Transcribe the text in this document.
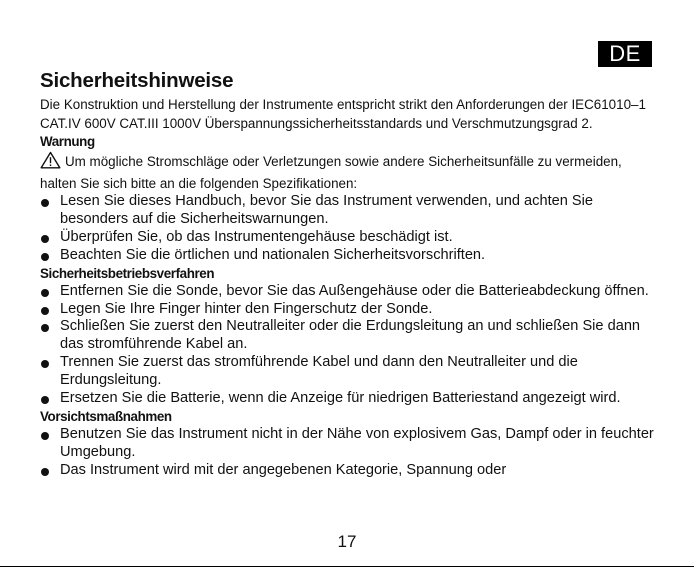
DE
Sicherheitshinweise

Die Konstruktion und Herstellung der Instrumente entspricht strikt den Anforderungen der IEC61010–1 CAT.IV 600V CAT.III 1000V Überspannungssicherheitsstandards und Verschmutzungsgrad 2.

Warnung

Um mögliche Stromschläge oder Verletzungen sowie andere Sicherheitsunfälle zu vermeiden, halten Sie sich bitte an die folgenden Spezifikationen:

Lesen Sie dieses Handbuch, bevor Sie das Instrument verwenden, und achten Sie besonders auf die Sicherheitswarnungen.
Überprüfen Sie, ob das Instrumentengehäuse beschädigt ist.
Beachten Sie die örtlichen und nationalen Sicherheitsvorschriften.
Sicherheitsbetriebsverfahren
Entfernen Sie die Sonde, bevor Sie das Außengehäuse oder die Batterieabdeckung öffnen.
Legen Sie Ihre Finger hinter den Fingerschutz der Sonde.
Schließen Sie zuerst den Neutralleiter oder die Erdungsleitung an und schließen Sie dann das stromführende Kabel an.
Trennen Sie zuerst das stromführende Kabel und dann den Neutralleiter und die Erdungsleitung.
Ersetzen Sie die Batterie, wenn die Anzeige für niedrigen Batteriestand angezeigt wird.
Vorsichtsmaßnahmen
Benutzen Sie das Instrument nicht in der Nähe von explosivem Gas, Dampf oder in feuchter Umgebung.
Das Instrument wird mit der angegebenen Kategorie, Spannung oder
17
